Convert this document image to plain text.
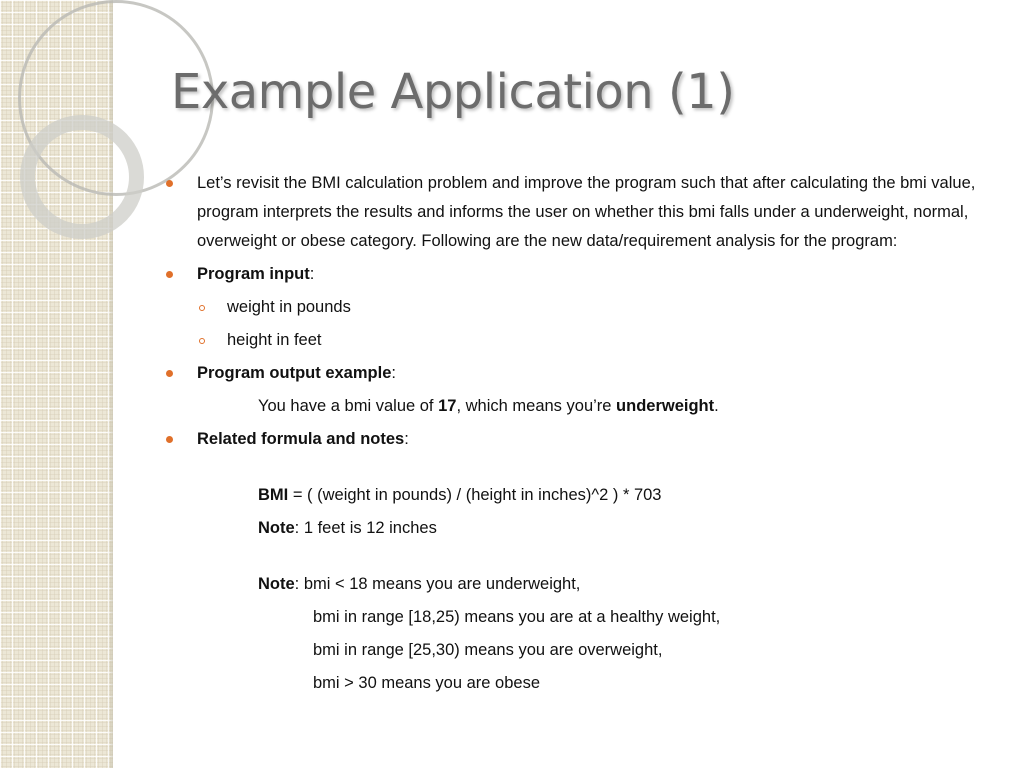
Example Application (1)
Let’s revisit the BMI calculation problem and improve the program such that after calculating the bmi value, program interprets the results and informs the user on whether this bmi falls under a underweight, normal, overweight or obese category. Following are the new data/requirement analysis for the program:
Program input:
weight in pounds
height in feet
Program output example:
You have a bmi value of 17, which means you’re underweight.
Related formula and notes:
BMI = ( (weight in pounds) / (height in inches)^2 ) * 703
Note: 1 feet is 12 inches
Note: bmi < 18 means you are underweight,
bmi in range [18,25) means you are at a healthy weight,
bmi in range [25,30) means you are overweight,
bmi > 30 means you are obese
